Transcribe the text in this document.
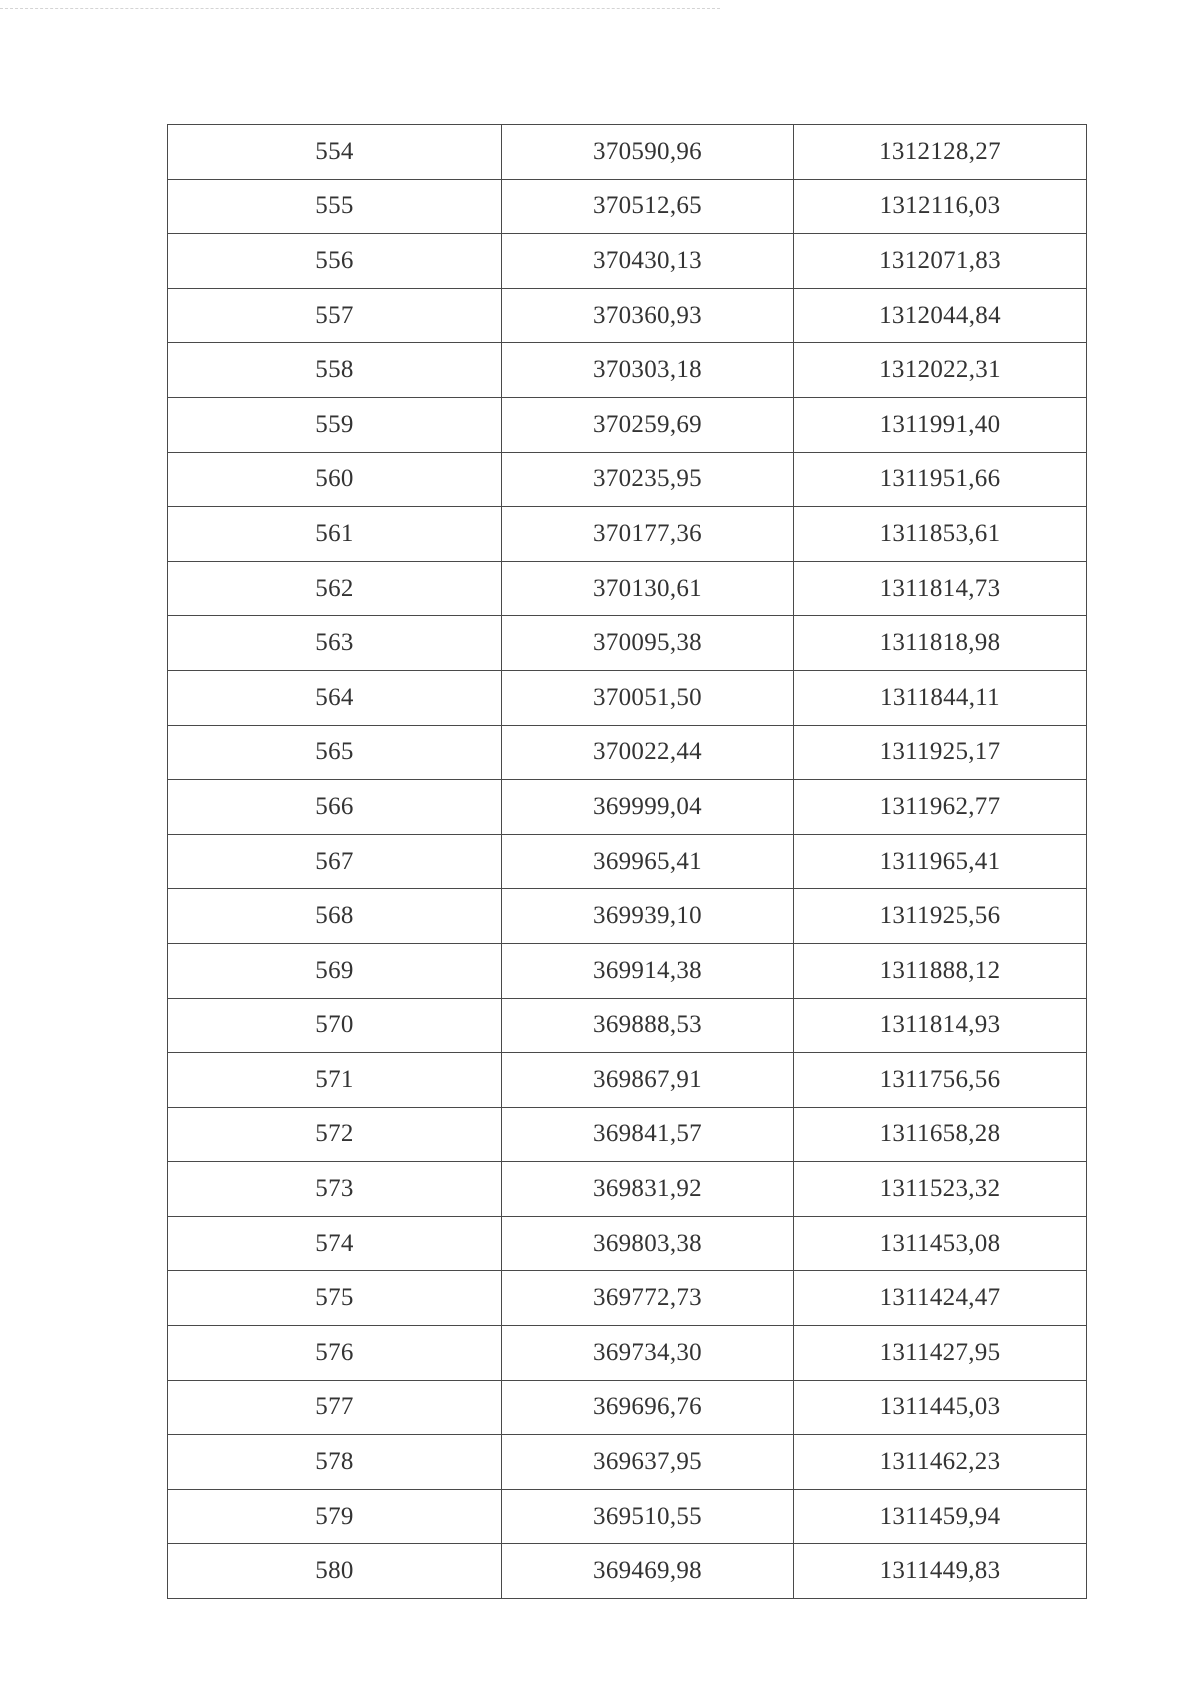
554	370590,96	1312128,27
555	370512,65	1312116,03
556	370430,13	1312071,83
557	370360,93	1312044,84
558	370303,18	1312022,31
559	370259,69	1311991,40
560	370235,95	1311951,66
561	370177,36	1311853,61
562	370130,61	1311814,73
563	370095,38	1311818,98
564	370051,50	1311844,11
565	370022,44	1311925,17
566	369999,04	1311962,77
567	369965,41	1311965,41
568	369939,10	1311925,56
569	369914,38	1311888,12
570	369888,53	1311814,93
571	369867,91	1311756,56
572	369841,57	1311658,28
573	369831,92	1311523,32
574	369803,38	1311453,08
575	369772,73	1311424,47
576	369734,30	1311427,95
577	369696,76	1311445,03
578	369637,95	1311462,23
579	369510,55	1311459,94
580	369469,98	1311449,83
